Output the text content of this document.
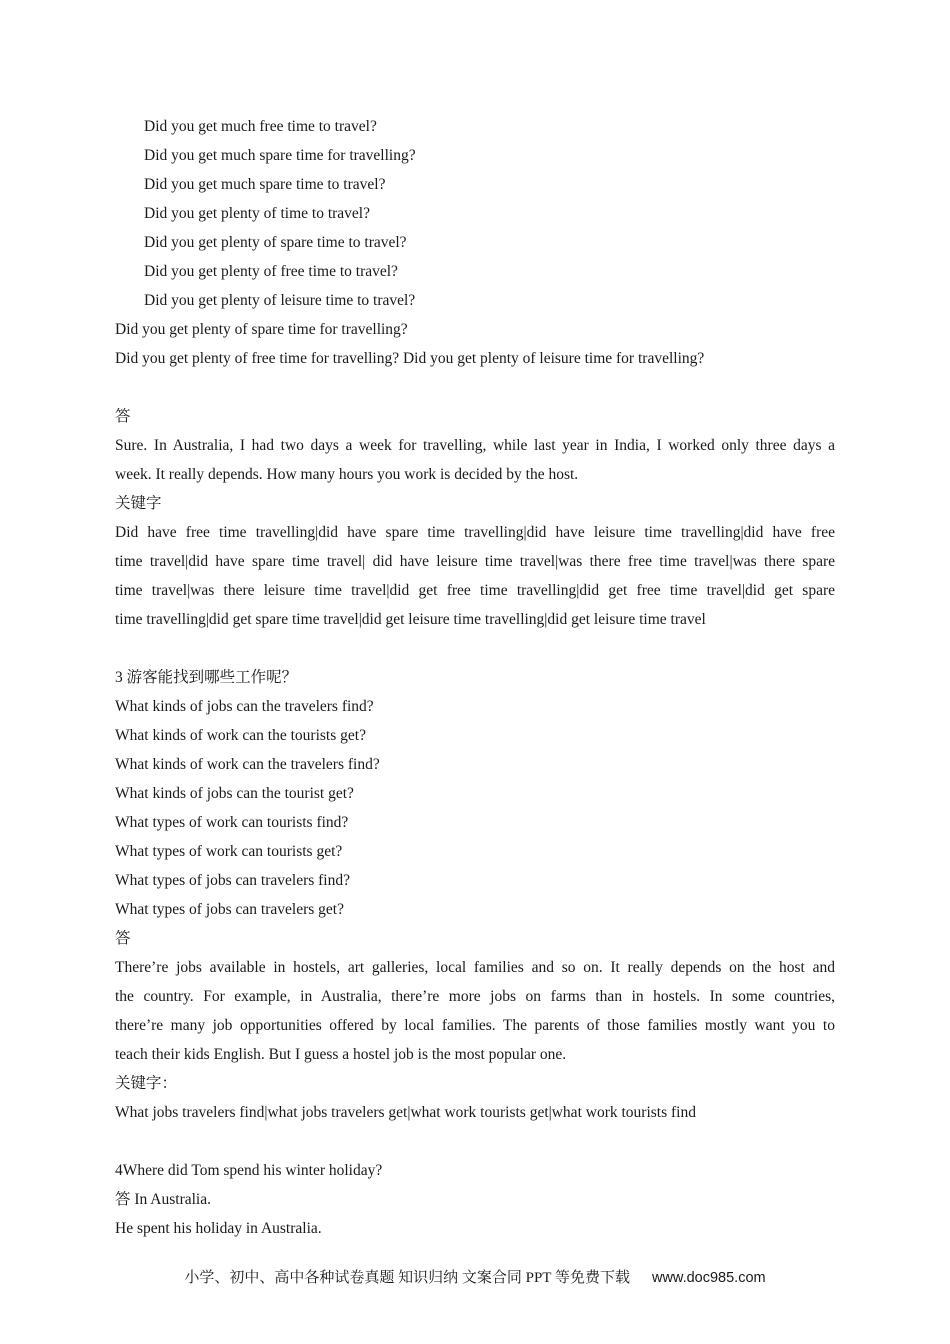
Did you get much free time to travel?
Did you get much spare time for travelling?
Did you get much spare time to travel?
Did you get plenty of time to travel?
Did you get plenty of spare time to travel?
Did you get plenty of free time to travel?
Did you get plenty of leisure time to travel?
Did you get plenty of spare time for travelling?
Did you get plenty of free time for travelling? Did you get plenty of leisure time for travelling?
答
Sure. In Australia, I had two days a week for travelling, while last year in India, I worked only three days a
week. It really depends. How many hours you work is decided by the host.
关键字
Did have free time travelling|did have spare time travelling|did have leisure time travelling|did have free
time travel|did have spare time travel| did have leisure time travel|was there free time travel|was there spare
time travel|was there leisure time travel|did get free time travelling|did get free time travel|did get spare
time travelling|did get spare time travel|did get leisure time travelling|did get leisure time travel
3 游客能找到哪些工作呢？
What kinds of jobs can the travelers find?
What kinds of work can the tourists get?
What kinds of work can the travelers find?
What kinds of jobs can the tourist get?
What types of work can tourists find?
What types of work can tourists get?
What types of jobs can travelers find?
What types of jobs can travelers get?
答
There’re jobs available in hostels, art galleries, local families and so on. It really depends on the host and
the country. For example, in Australia, there’re more jobs on farms than in hostels. In some countries,
there’re many job opportunities offered by local families. The parents of those families mostly want you to
teach their kids English. But I guess a hostel job is the most popular one.
关键字：
What jobs travelers find|what jobs travelers get|what work tourists get|what work tourists find
4Where did Tom spend his winter holiday?
答 In Australia.
He spent his holiday in Australia.
小学、初中、高中各种试卷真题 知识归纳 文案合同 PPT 等免费下载 www.doc985.com
